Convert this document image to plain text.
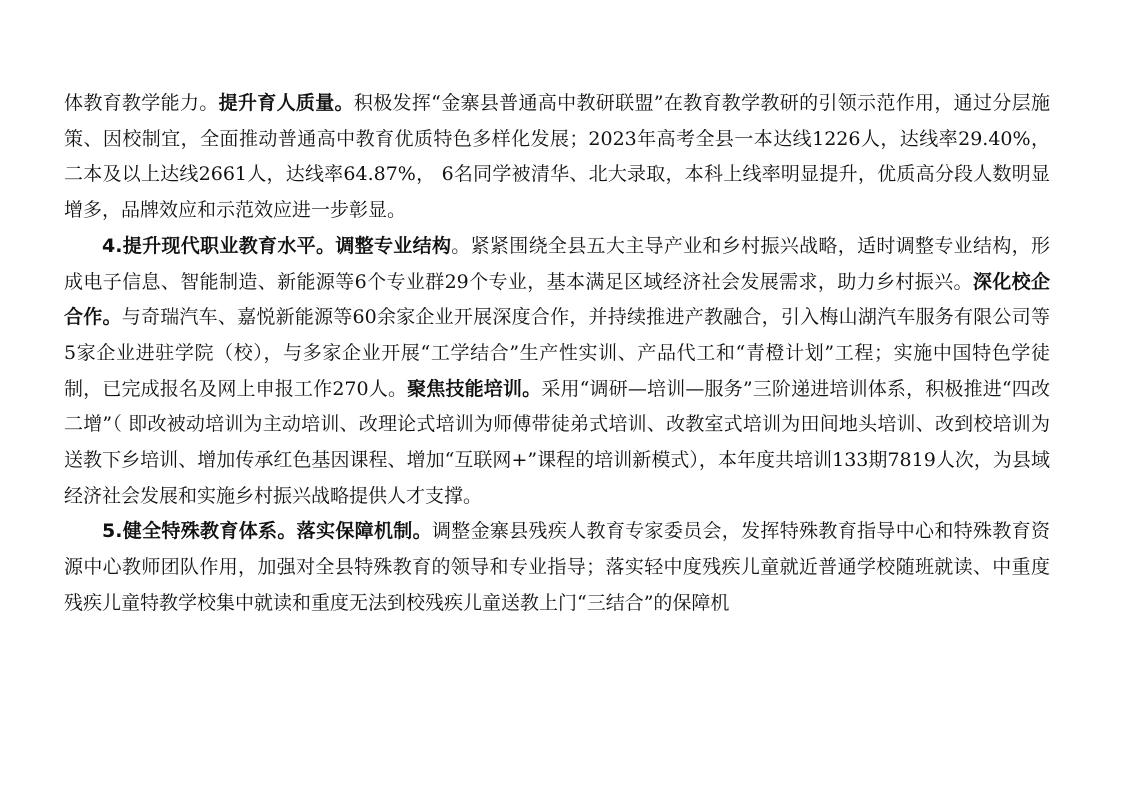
体教育教学能力。提升育人质量。积极发挥“金寨县普通高中教研联盟”在教育教学教研的引领示范作用，通过分层施策、因校制宜，全面推动普通高中教育优质特色多样化发展；2023年高考全县一本达线1226人，达线率29.40%，二本及以上达线2661人，达线率64.87%， 6名同学被清华、北大录取，本科上线率明显提升，优质高分段人数明显增多，品牌效应和示范效应进一步彰显。

4.提升现代职业教育水平。调整专业结构。紧紧围绕全县五大主导产业和乡村振兴战略，适时调整专业结构，形成电子信息、智能制造、新能源等6个专业群29个专业，基本满足区域经济社会发展需求，助力乡村振兴。深化校企合作。与奇瑞汽车、嘉悦新能源等60余家企业开展深度合作，并持续推进产教融合，引入梅山湖汽车服务有限公司等5家企业进驻学院（校），与多家企业开展“工学结合”生产性实训、产品代工和“青橙计划”工程；实施中国特色学徒制，已完成报名及网上申报工作270人。聚焦技能培训。采用“调研—培训—服务”三阶递进培训体系，积极推进“四改二增”（ 即改被动培训为主动培训、改理论式培训为师傅带徒弟式培训、改教室式培训为田间地头培训、改到校培训为送教下乡培训、增加传承红色基因课程、增加“互联网+”课程的培训新模式），本年度共培训133期7819人次，为县域经济社会发展和实施乡村振兴战略提供人才支撑。

5.健全特殊教育体系。落实保障机制。调整金寨县残疾人教育专家委员会，发挥特殊教育指导中心和特殊教育资源中心教师团队作用，加强对全县特殊教育的领导和专业指导；落实轻中度残疾儿童就近普通学校随班就读、中重度残疾儿童特教学校集中就读和重度无法到校残疾儿童送教上门“三结合”的保障机
